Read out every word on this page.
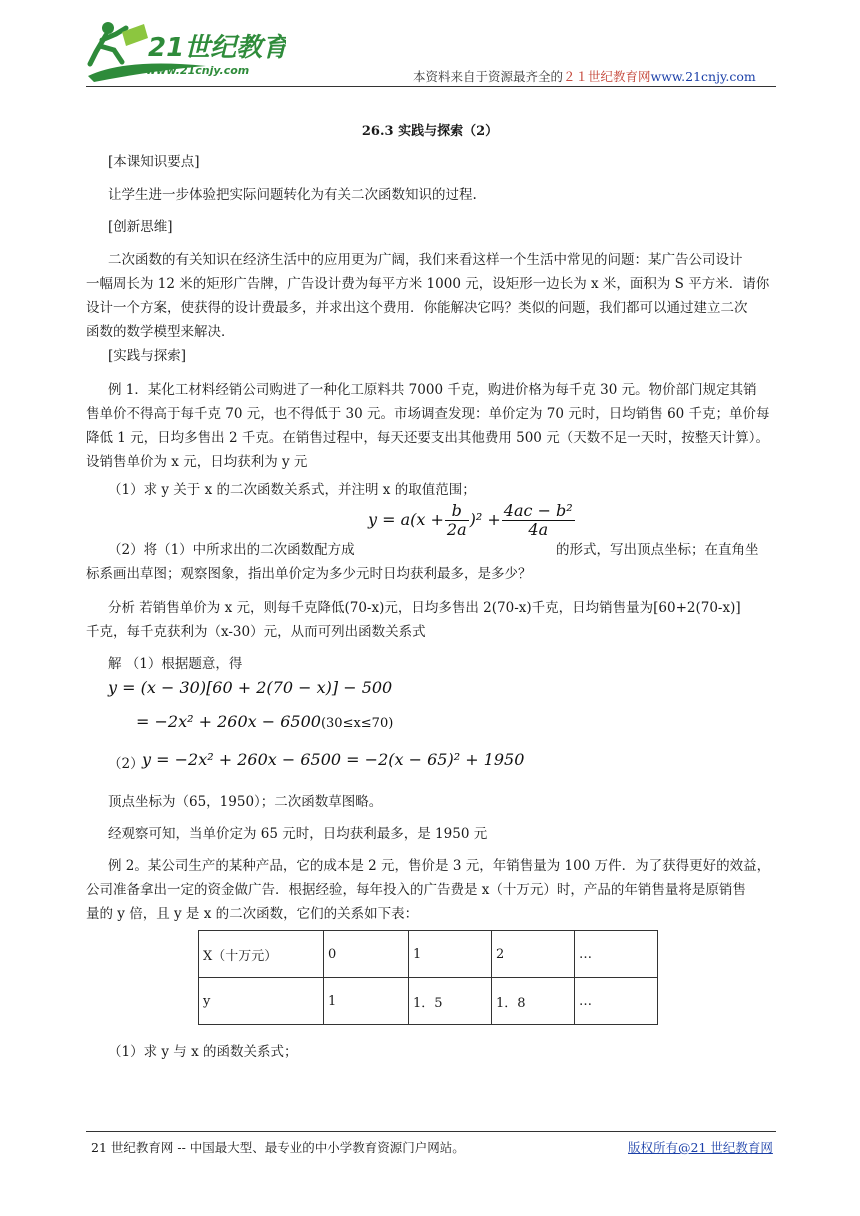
21世纪教育
www.21cnjy.com	本资料来自于资源最齐全的２１世纪教育网www.21cnjy.com
26.3 实践与探索（2）
[本课知识要点]
让学生进一步体验把实际问题转化为有关二次函数知识的过程.
[创新思维]
二次函数的有关知识在经济生活中的应用更为广阔，我们来看这样一个生活中常见的问题：某广告公司设计
一幅周长为 12 米的矩形广告牌，广告设计费为每平方米 1000 元，设矩形一边长为 x 米，面积为 S 平方米．请你
设计一个方案，使获得的设计费最多，并求出这个费用．你能解决它吗？类似的问题，我们都可以通过建立二次
函数的数学模型来解决．
[实践与探索]
例 1．某化工材料经销公司购进了一种化工原料共 7000 千克，购进价格为每千克 30 元。物价部门规定其销
售单价不得高于每千克 70 元，也不得低于 30 元。市场调查发现：单价定为 70 元时，日均销售 60 千克；单价每
降低 1 元，日均多售出 2 千克。在销售过程中，每天还要支出其他费用 500 元（天数不足一天时，按整天计算）。
设销售单价为 x 元，日均获利为 y 元
（1）求 y 关于 x 的二次函数关系式，并注明 x 的取值范围；
$y = a(x + \frac{b}{2a} )^2 + \frac{\text{4ac − b²}}{4a}$
（2）将（1）中所求出的二次函数配方成	的形式，写出顶点坐标；在直角坐
标系画出草图；观察图象，指出单价定为多少元时日均获利最多，是多少？
分析 若销售单价为 x 元，则每千克降低(70-x)元，日均多售出 2(70-x)千克，日均销售量为[60+2(70-x)]
千克，每千克获利为（x-30）元，从而可列出函数关系式
解 （1）根据题意，得
y = (x − 30)[60 + 2(70 − x)] − 500
= −2x² + 260x − 6500(30≤x≤70)
（2）
y = −2x² + 260x − 6500 = −2(x − 65)² + 1950
顶点坐标为（65，1950）；二次函数草图略。
经观察可知，当单价定为 65 元时，日均获利最多，是 1950 元
例 2。某公司生产的某种产品，它的成本是 2 元，售价是 3 元，年销售量为 100 万件．为了获得更好的效益，
公司准备拿出一定的资金做广告．根据经验，每年投入的广告费是 x（十万元）时，产品的年销售量将是原销售
量的 y 倍，且 y 是 x 的二次函数，它们的关系如下表：
X（十万元）	0	1	2	…
y	1	1．5	1．8	…
（1）求 y 与 x 的函数关系式；
21 世纪教育网 -- 中国最大型、最专业的中小学教育资源门户网站。	版权所有@21 世纪教育网
